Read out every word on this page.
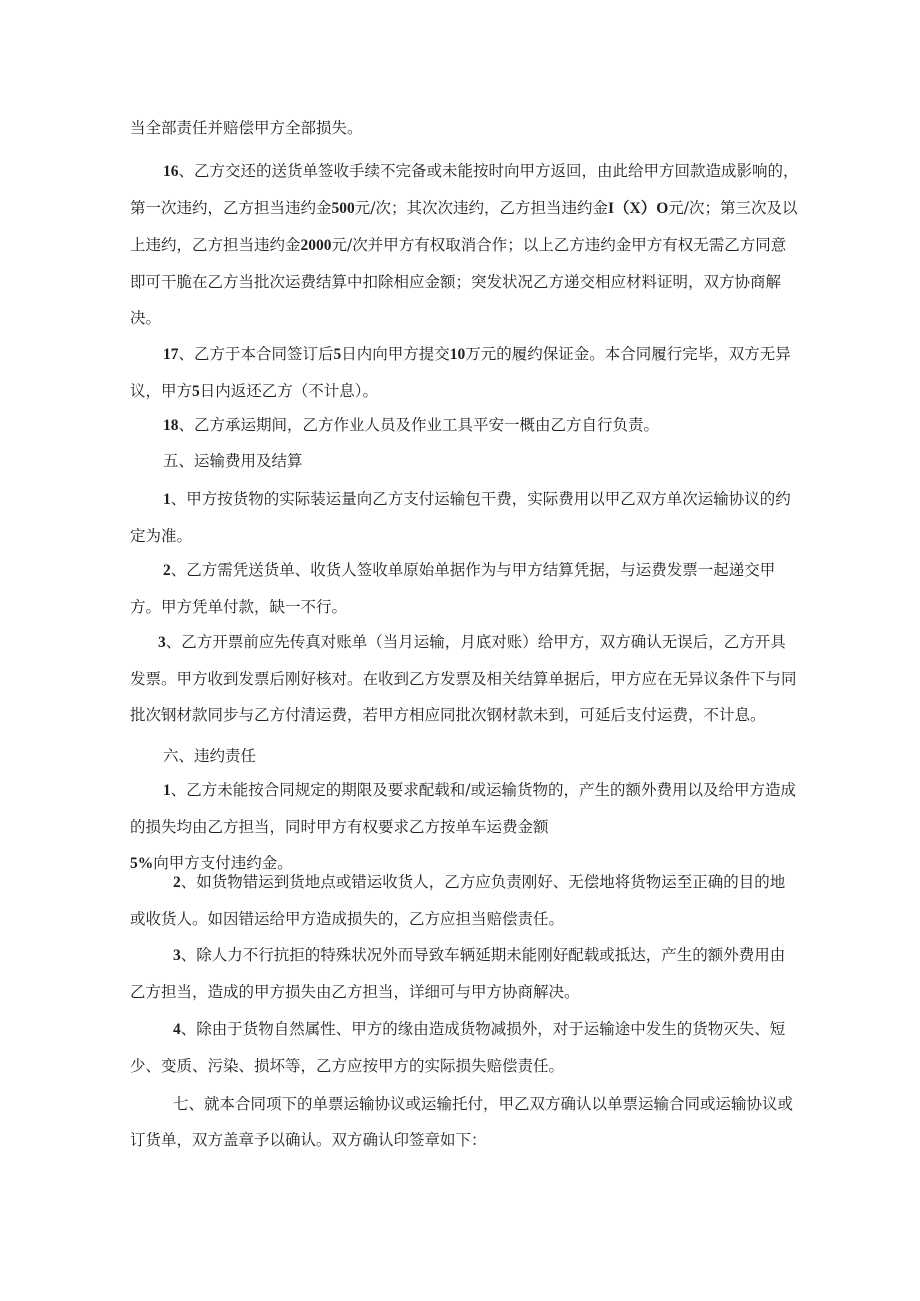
当全部责任并赔偿甲方全部损失。

16、乙方交还的送货单签收手续不完备或未能按时向甲方返回，由此给甲方回款造成影响的，第一次违约，乙方担当违约金500元/次；其次次违约，乙方担当违约金I（X）O元/次；第三次及以上违约，乙方担当违约金2000元/次并甲方有权取消合作；以上乙方违约金甲方有权无需乙方同意即可干脆在乙方当批次运费结算中扣除相应金额；突发状况乙方递交相应材料证明，双方协商解决。

17、乙方于本合同签订后5日内向甲方提交10万元的履约保证金。本合同履行完毕，双方无异议，甲方5日内返还乙方（不计息）。

18、乙方承运期间，乙方作业人员及作业工具平安一概由乙方自行负责。

五、运输费用及结算

1、甲方按货物的实际装运量向乙方支付运输包干费，实际费用以甲乙双方单次运输协议的约定为准。

2、乙方需凭送货单、收货人签收单原始单据作为与甲方结算凭据，与运费发票一起递交甲方。甲方凭单付款，缺一不行。

3、乙方开票前应先传真对账单（当月运输，月底对账）给甲方，双方确认无误后，乙方开具发票。甲方收到发票后刚好核对。在收到乙方发票及相关结算单据后，甲方应在无异议条件下与同批次钢材款同步与乙方付清运费，若甲方相应同批次钢材款未到，可延后支付运费，不计息。

六、违约责任

1、乙方未能按合同规定的期限及要求配载和/或运输货物的，产生的额外费用以及给甲方造成的损失均由乙方担当，同时甲方有权要求乙方按单车运费金额
5%向甲方支付违约金。

2、如货物错运到货地点或错运收货人，乙方应负责刚好、无偿地将货物运至正确的目的地或收货人。如因错运给甲方造成损失的，乙方应担当赔偿责任。

3、除人力不行抗拒的特殊状况外而导致车辆延期未能刚好配载或抵达，产生的额外费用由乙方担当，造成的甲方损失由乙方担当，详细可与甲方协商解决。

4、除由于货物自然属性、甲方的缘由造成货物减损外，对于运输途中发生的货物灭失、短少、变质、污染、损坏等，乙方应按甲方的实际损失赔偿责任。

七、就本合同项下的单票运输协议或运输托付，甲乙双方确认以单票运输合同或运输协议或订货单，双方盖章予以确认。双方确认印签章如下：
